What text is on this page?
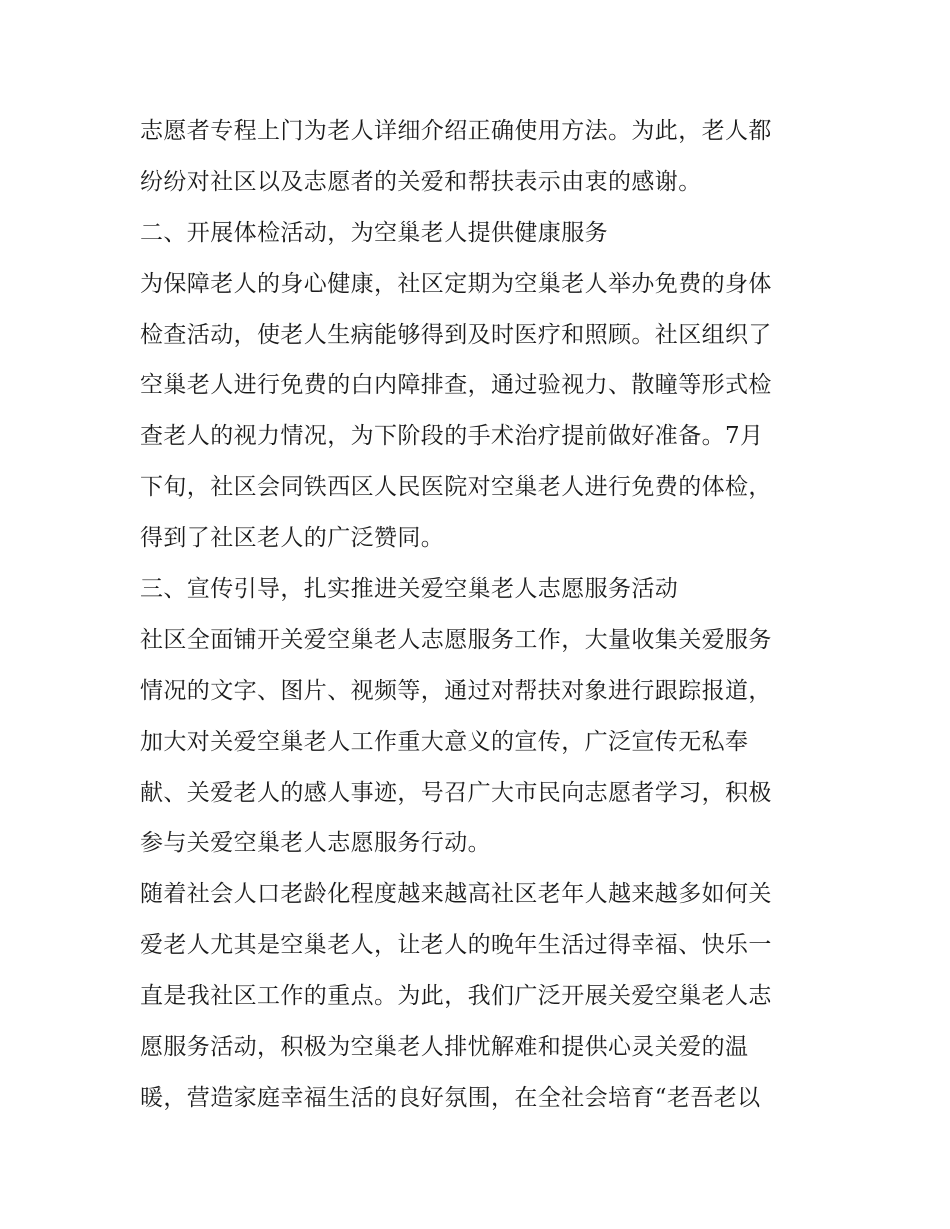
志愿者专程上门为老人详细介绍正确使用方法。为此，老人都
纷纷对社区以及志愿者的关爱和帮扶表示由衷的感谢。
二、开展体检活动，为空巢老人提供健康服务
为保障老人的身心健康，社区定期为空巢老人举办免费的身体
检查活动，使老人生病能够得到及时医疗和照顾。社区组织了
空巢老人进行免费的白内障排查，通过验视力、散瞳等形式检
查老人的视力情况，为下阶段的手术治疗提前做好准备。7月
下旬，社区会同铁西区人民医院对空巢老人进行免费的体检，
得到了社区老人的广泛赞同。
三、宣传引导，扎实推进关爱空巢老人志愿服务活动
社区全面铺开关爱空巢老人志愿服务工作，大量收集关爱服务
情况的文字、图片、视频等，通过对帮扶对象进行跟踪报道，
加大对关爱空巢老人工作重大意义的宣传，广泛宣传无私奉
献、关爱老人的感人事迹，号召广大市民向志愿者学习，积极
参与关爱空巢老人志愿服务行动。
随着社会人口老龄化程度越来越高社区老年人越来越多如何关
爱老人尤其是空巢老人，让老人的晚年生活过得幸福、快乐一
直是我社区工作的重点。为此，我们广泛开展关爱空巢老人志
愿服务活动，积极为空巢老人排忧解难和提供心灵关爱的温
暖，营造家庭幸福生活的良好氛围，在全社会培育“老吾老以
